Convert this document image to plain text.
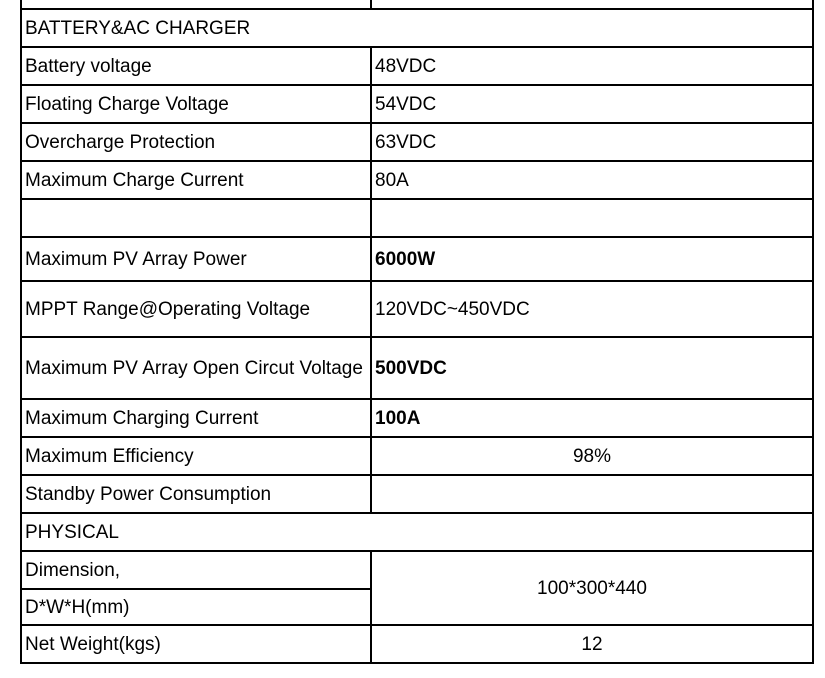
BATTERY&AC CHARGER	
Battery voltage	48VDC
Floating Charge Voltage	54VDC
Overcharge Protection	63VDC
Maximum Charge Current	80A

Maximum PV Array Power	6000W
MPPT Range@Operating Voltage	120VDC~450VDC
Maximum PV Array Open Circut Voltage	500VDC
Maximum Charging Current	100A
Maximum Efficiency	98%
Standby Power Consumption	
PHYSICAL	
Dimension,	100*300*440
D*W*H(mm)	
Net Weight(kgs)	12
